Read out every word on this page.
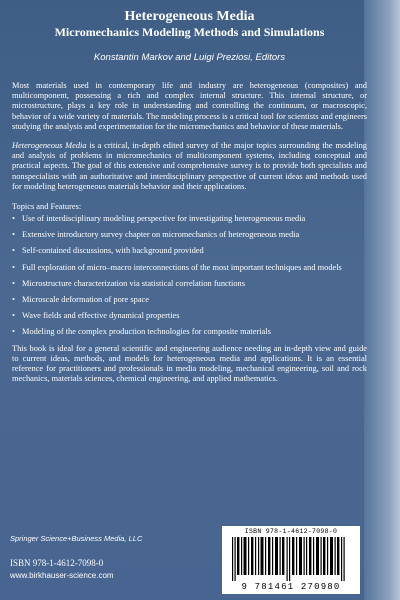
Heterogeneous Media
Micromechanics Modeling Methods and Simulations

Konstantin Markov and Luigi Preziosi, Editors

Most materials used in contemporary life and industry are heterogeneous (composites) and multicomponent, possessing a rich and complex internal structure. This internal structure, or microstructure, plays a key role in understanding and controlling the continuum, or macroscopic, behavior of a wide variety of materials. The modeling process is a critical tool for scientists and engineers studying the analysis and experimentation for the micromechanics and behavior of these materials.

Heterogeneous Media is a critical, in-depth edited survey of the major topics surrounding the modeling and analysis of problems in micromechanics of multicomponent systems, including conceptual and practical aspects. The goal of this extensive and comprehensive survey is to provide both specialists and nonspecialists with an authoritative and interdisciplinary perspective of current ideas and methods used for modeling heterogeneous materials behavior and their applications.

Topics and Features:
• Use of interdisciplinary modeling perspective for investigating heterogeneous media
• Extensive introductory survey chapter on micromechanics of heterogeneous media
• Self-contained discussions, with background provided
• Full exploration of micro–macro interconnections of the most important techniques and models
• Microstructure characterization via statistical correlation functions
• Microscale deformation of pore space
• Wave fields and effective dynamical properties
• Modeling of the complex production technologies for composite materials

This book is ideal for a general scientific and engineering audience needing an in-depth view and guide to current ideas, methods, and models for heterogeneous media and applications. It is an essential reference for practitioners and professionals in media modeling, mechanical engineering, soil and rock mechanics, materials sciences, chemical engineering, and applied mathematics.

Springer Science+Business Media, LLC
ISBN 978-1-4612-7098-0
www.birkhauser-science.com
ISBN 978-1-4612-7098-0
9 781461 270980
